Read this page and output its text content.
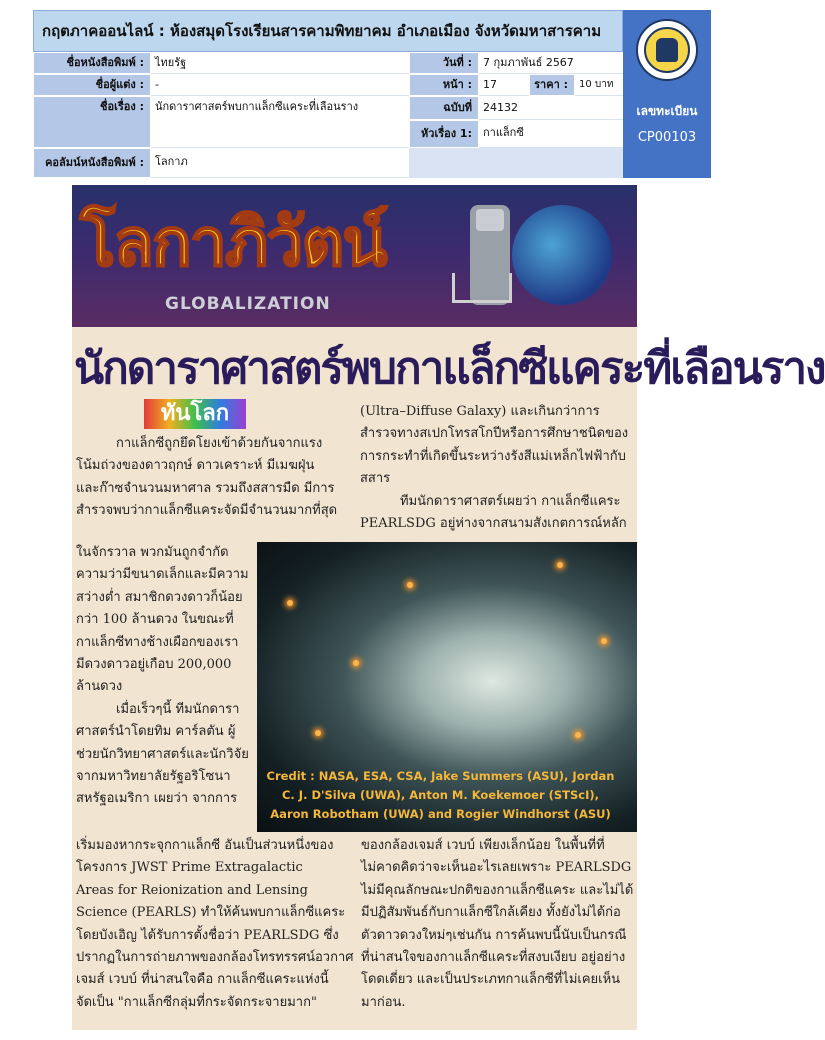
กฤตภาคออนไลน์ : ห้องสมุดโรงเรียนสารคามพิทยาคม อำเภอเมือง จังหวัดมหาสารคาม
ชื่อหนังสือพิมพ์ :	ไทยรัฐ	วันที่ :	7 กุมภาพันธ์ 2567
ชื่อผู้แต่ง :	-	หน้า :	17	ราคา :	10 บาท
ชื่อเรื่อง :	นักดาราศาสตร์พบกาแล็กซีแคระที่เลือนราง	ฉบับที่	24132
หัวเรื่อง 1:	กาแล็กซี
คอลัมน์หนังสือพิมพ์ :	โลกาภ
เลขทะเบียน
CP00103
โลกาภิวัตน์
GLOBALIZATION
นักดาราศาสตร์พบกาแล็กซีแคระที่เลือนราง
ทันโลก
กาแล็กซีถูกยึดโยงเข้าด้วยกันจากแรง
โน้มถ่วงของดาวฤกษ์ ดาวเคราะห์ มีเมฆฝุ่น
และก๊าซจำนวนมหาศาล รวมถึงสสารมืด มีการ
สำรวจพบว่ากาแล็กซีแคระจัดมีจำนวนมากที่สุด
ในจักรวาล พวกมันถูกจำกัด
ความว่ามีขนาดเล็กและมีความ
สว่างต่ำ สมาชิกดวงดาวก็น้อย
กว่า 100 ล้านดวง ในขณะที่
กาแล็กซีทางช้างเผือกของเรา
มีดวงดาวอยู่เกือบ 200,000
ล้านดวง
เมื่อเร็วๆนี้ ทีมนักดารา
ศาสตร์นำโดยทิม คาร์ลตัน ผู้
ช่วยนักวิทยาศาสตร์และนักวิจัย
จากมหาวิทยาลัยรัฐอริโซนา
สหรัฐอเมริกา เผยว่า จากการ
(Ultra–Diffuse Galaxy) และเกินกว่าการ
สำรวจทางสเปกโทรสโกปีหรือการศึกษาชนิดของ
การกระทำที่เกิดขึ้นระหว่างรังสีแม่เหล็กไฟฟ้ากับ
สสาร
ทีมนักดาราศาสตร์เผยว่า กาแล็กซีแคระ
PEARLSDG อยู่ห่างจากสนามสังเกตการณ์หลัก
Credit : NASA, ESA, CSA, Jake Summers (ASU), Jordan
C. J. D'Silva (UWA), Anton M. Koekemoer (STScI),
Aaron Robotham (UWA) and Rogier Windhorst (ASU)
เริ่มมองหากระจุกกาแล็กซี อันเป็นส่วนหนึ่งของ
โครงการ JWST Prime Extragalactic
Areas for Reionization and Lensing
Science (PEARLS) ทำให้ค้นพบกาแล็กซีแคระ
โดยบังเอิญ ได้รับการตั้งชื่อว่า PEARLSDG ซึ่ง
ปรากฏในการถ่ายภาพของกล้องโทรทรรศน์อวกาศ
เจมส์ เวบบ์ ที่น่าสนใจคือ กาแล็กซีแคระแห่งนี้
จัดเป็น "กาแล็กซีกลุ่มที่กระจัดกระจายมาก"
ของกล้องเจมส์ เวบบ์ เพียงเล็กน้อย ในพื้นที่ที่
ไม่คาดคิดว่าจะเห็นอะไรเลยเพราะ PEARLSDG
ไม่มีคุณลักษณะปกติของกาแล็กซีแคระ และไม่ได้
มีปฏิสัมพันธ์กับกาแล็กซีใกล้เคียง ทั้งยังไม่ได้ก่อ
ตัวดาวดวงใหม่ๆเช่นกัน การค้นพบนี้นับเป็นกรณี
ที่น่าสนใจของกาแล็กซีแคระที่สงบเงียบ อยู่อย่าง
โดดเดี่ยว และเป็นประเภทกาแล็กซีที่ไม่เคยเห็น
มาก่อน.
